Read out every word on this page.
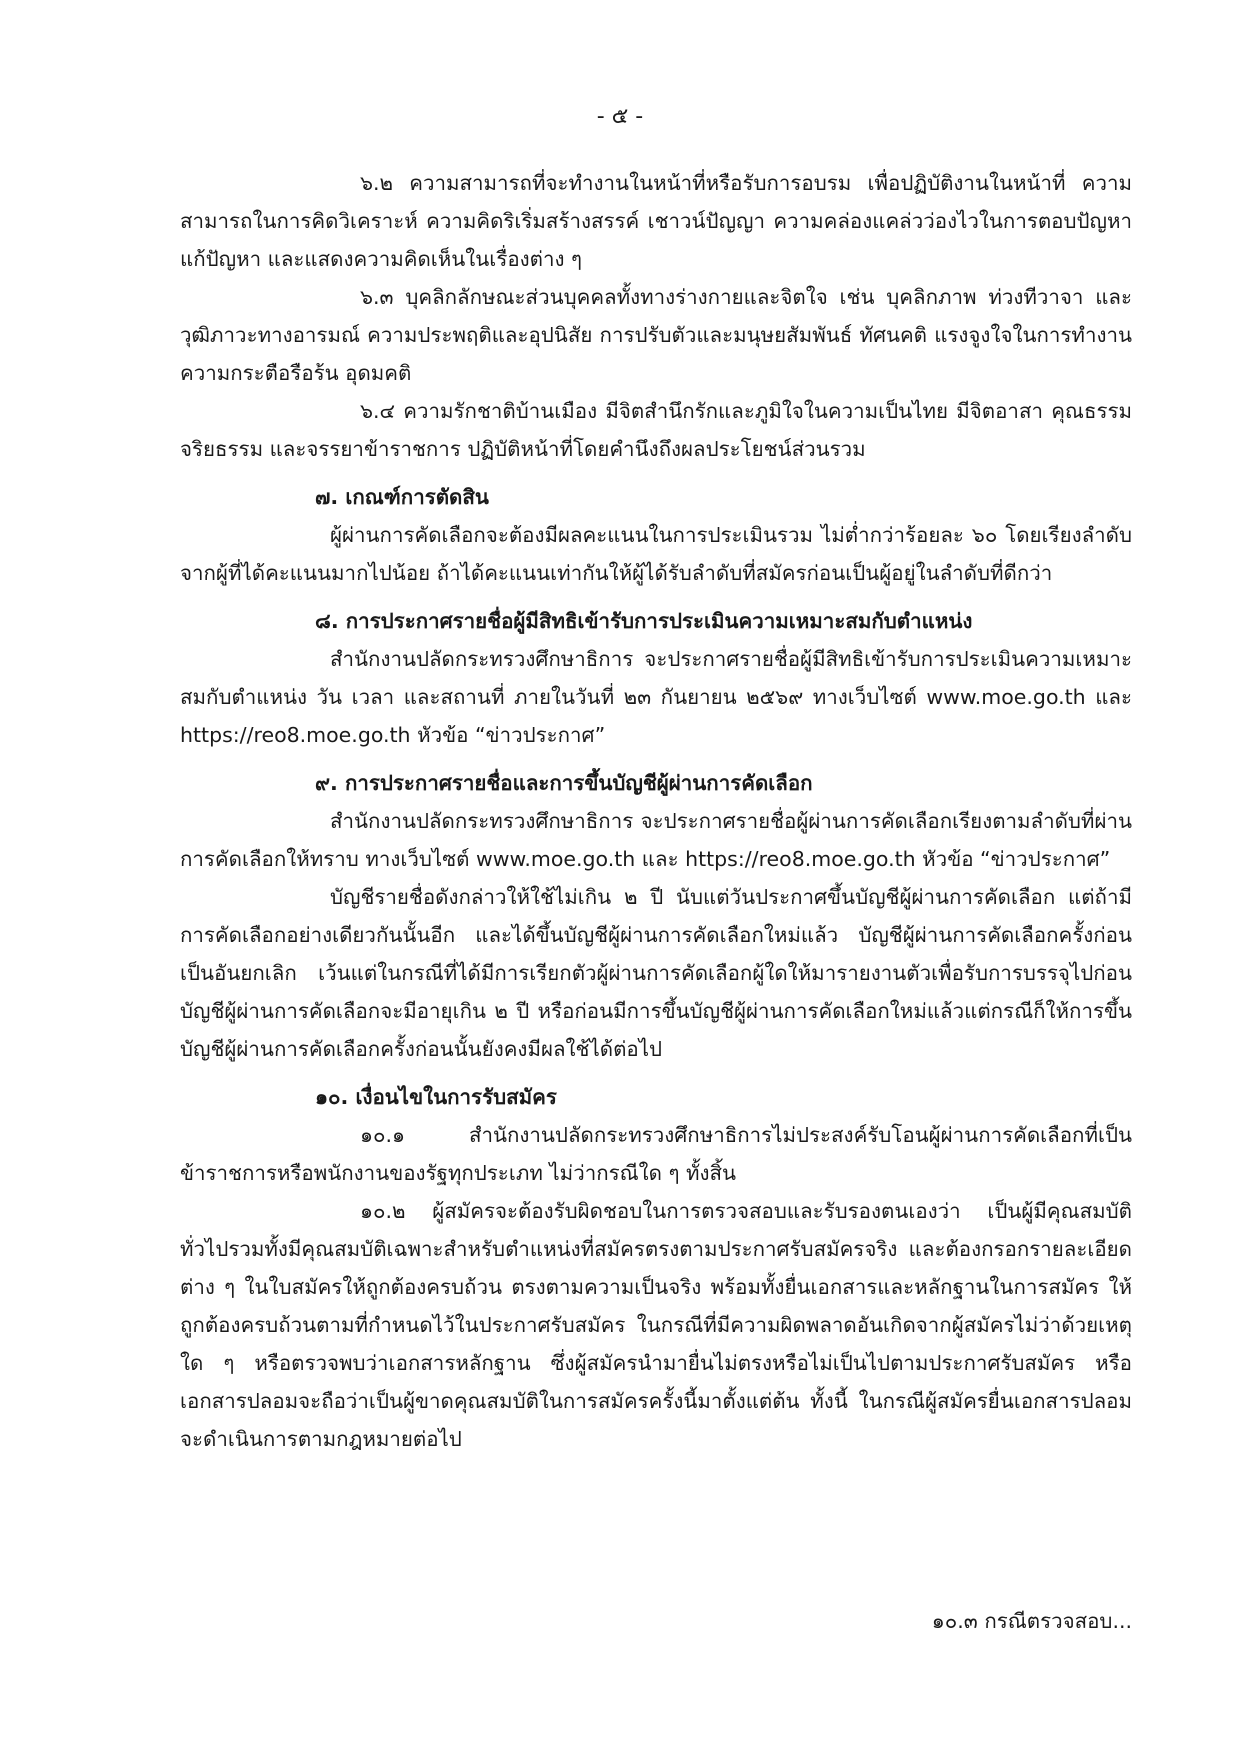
- ๕ -

๖.๒ ความสามารถที่จะทำงานในหน้าที่หรือรับการอบรม เพื่อปฏิบัติงานในหน้าที่ ความสามารถในการคิดวิเคราะห์ ความคิดริเริ่มสร้างสรรค์ เชาวน์ปัญญา ความคล่องแคล่วว่องไวในการตอบปัญหา แก้ปัญหา และแสดงความคิดเห็นในเรื่องต่าง ๆ

๖.๓ บุคลิกลักษณะส่วนบุคคลทั้งทางร่างกายและจิตใจ เช่น บุคลิกภาพ ท่วงทีวาจา และวุฒิภาวะทางอารมณ์ ความประพฤติและอุปนิสัย การปรับตัวและมนุษยสัมพันธ์ ทัศนคติ แรงจูงใจในการทำงาน ความกระตือรือร้น อุดมคติ

๖.๔ ความรักชาติบ้านเมือง มีจิตสำนึกรักและภูมิใจในความเป็นไทย มีจิตอาสา คุณธรรม จริยธรรม และจรรยาข้าราชการ ปฏิบัติหน้าที่โดยคำนึงถึงผลประโยชน์ส่วนรวม

๗. เกณฑ์การตัดสิน

ผู้ผ่านการคัดเลือกจะต้องมีผลคะแนนในการประเมินรวม ไม่ต่ำกว่าร้อยละ ๖๐ โดยเรียงลำดับจากผู้ที่ได้คะแนนมากไปน้อย ถ้าได้คะแนนเท่ากันให้ผู้ได้รับลำดับที่สมัครก่อนเป็นผู้อยู่ในลำดับที่ดีกว่า

๘. การประกาศรายชื่อผู้มีสิทธิเข้ารับการประเมินความเหมาะสมกับตำแหน่ง

สำนักงานปลัดกระทรวงศึกษาธิการ จะประกาศรายชื่อผู้มีสิทธิเข้ารับการประเมินความเหมาะสมกับตำแหน่ง วัน เวลา และสถานที่ ภายในวันที่ ๒๓ กันยายน ๒๕๖๙ ทางเว็บไซต์ www.moe.go.th และ https://reo8.moe.go.th หัวข้อ “ข่าวประกาศ”

๙. การประกาศรายชื่อและการขึ้นบัญชีผู้ผ่านการคัดเลือก

สำนักงานปลัดกระทรวงศึกษาธิการ จะประกาศรายชื่อผู้ผ่านการคัดเลือกเรียงตามลำดับที่ผ่านการคัดเลือกให้ทราบ ทางเว็บไซต์ www.moe.go.th และ https://reo8.moe.go.th หัวข้อ “ข่าวประกาศ”

บัญชีรายชื่อดังกล่าวให้ใช้ไม่เกิน ๒ ปี นับแต่วันประกาศขึ้นบัญชีผู้ผ่านการคัดเลือก แต่ถ้ามีการคัดเลือกอย่างเดียวกันนั้นอีก และได้ขึ้นบัญชีผู้ผ่านการคัดเลือกใหม่แล้ว บัญชีผู้ผ่านการคัดเลือกครั้งก่อนเป็นอันยกเลิก เว้นแต่ในกรณีที่ได้มีการเรียกตัวผู้ผ่านการคัดเลือกผู้ใดให้มารายงานตัวเพื่อรับการบรรจุไปก่อนบัญชีผู้ผ่านการคัดเลือกจะมีอายุเกิน ๒ ปี หรือก่อนมีการขึ้นบัญชีผู้ผ่านการคัดเลือกใหม่แล้วแต่กรณีก็ให้การขึ้นบัญชีผู้ผ่านการคัดเลือกครั้งก่อนนั้นยังคงมีผลใช้ได้ต่อไป

๑๐. เงื่อนไขในการรับสมัคร

๑๐.๑ สำนักงานปลัดกระทรวงศึกษาธิการไม่ประสงค์รับโอนผู้ผ่านการคัดเลือกที่เป็นข้าราชการหรือพนักงานของรัฐทุกประเภท ไม่ว่ากรณีใด ๆ ทั้งสิ้น

๑๐.๒ ผู้สมัครจะต้องรับผิดชอบในการตรวจสอบและรับรองตนเองว่า เป็นผู้มีคุณสมบัติทั่วไปรวมทั้งมีคุณสมบัติเฉพาะสำหรับตำแหน่งที่สมัครตรงตามประกาศรับสมัครจริง และต้องกรอกรายละเอียดต่าง ๆ ในใบสมัครให้ถูกต้องครบถ้วน ตรงตามความเป็นจริง พร้อมทั้งยื่นเอกสารและหลักฐานในการสมัคร ให้ถูกต้องครบถ้วนตามที่กำหนดไว้ในประกาศรับสมัคร ในกรณีที่มีความผิดพลาดอันเกิดจากผู้สมัครไม่ว่าด้วยเหตุใด ๆ หรือตรวจพบว่าเอกสารหลักฐาน ซึ่งผู้สมัครนำมายื่นไม่ตรงหรือไม่เป็นไปตามประกาศรับสมัคร หรือเอกสารปลอมจะถือว่าเป็นผู้ขาดคุณสมบัติในการสมัครครั้งนี้มาตั้งแต่ต้น ทั้งนี้ ในกรณีผู้สมัครยื่นเอกสารปลอมจะดำเนินการตามกฎหมายต่อไป

๑๐.๓ กรณีตรวจสอบ...
